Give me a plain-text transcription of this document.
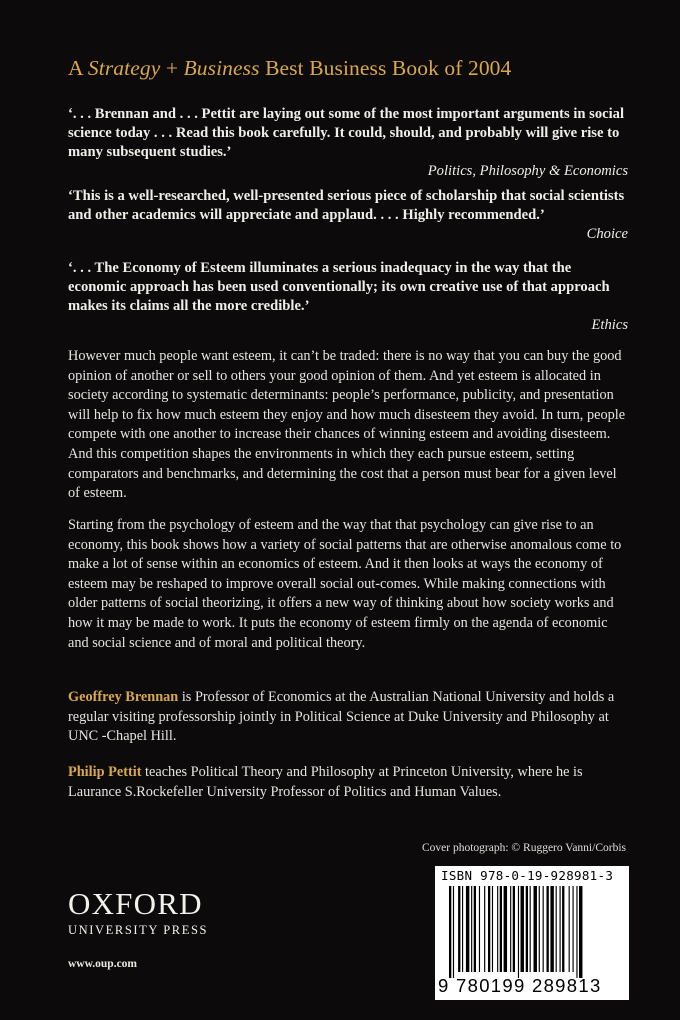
A Strategy + Business Best Business Book of 2004
‘. . . Brennan and . . . Pettit are laying out some of the most important arguments in social science today . . . Read this book carefully. It could, should, and probably will give rise to many subsequent studies.’
Politics, Philosophy & Economics
‘This is a well-researched, well-presented serious piece of scholarship that social scientists and other academics will appreciate and applaud. . . . Highly recommended.’
Choice
‘. . . The Economy of Esteem illuminates a serious inadequacy in the way that the economic approach has been used conventionally; its own creative use of that approach makes its claims all the more credible.’
Ethics

However much people want esteem, it can’t be traded: there is no way that you can buy the good opinion of another or sell to others your good opinion of them. And yet esteem is allocated in society according to systematic determinants: people’s performance, publicity, and presentation will help to fix how much esteem they enjoy and how much disesteem they avoid. In turn, people compete with one another to increase their chances of winning esteem and avoiding disesteem. And this competition shapes the environments in which they each pursue esteem, setting comparators and benchmarks, and determining the cost that a person must bear for a given level of esteem.

Starting from the psychology of esteem and the way that that psychology can give rise to an economy, this book shows how a variety of social patterns that are otherwise anomalous come to make a lot of sense within an economics of esteem. And it then looks at ways the economy of esteem may be reshaped to improve overall social out-comes. While making connections with older patterns of social theorizing, it offers a new way of thinking about how society works and how it may be made to work. It puts the economy of esteem firmly on the agenda of economic and social science and of moral and political theory.

Geoffrey Brennan is Professor of Economics at the Australian National University and holds a regular visiting professorship jointly in Political Science at Duke University and Philosophy at UNC -Chapel Hill.

Philip Pettit teaches Political Theory and Philosophy at Princeton University, where he is Laurance S.Rockefeller University Professor of Politics and Human Values.

Cover photograph: © Ruggero Vanni/Corbis
OXFORD
UNIVERSITY PRESS
www.oup.com
ISBN 978-0-19-928981-3
9 780199 289813
